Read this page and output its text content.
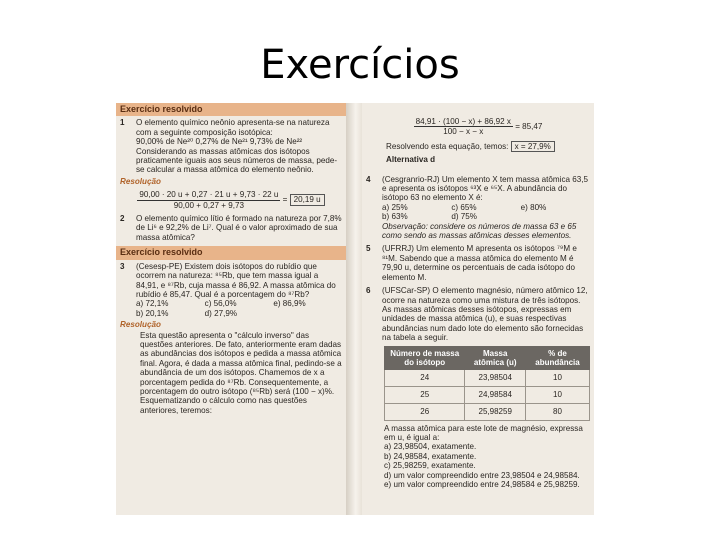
Exercícios
Exercício resolvido
1	O elemento químico neônio apresenta-se na natureza com a seguinte composição isotópica:
90,00% de Ne²⁰ 0,27% de Ne²¹ 9,73% de Ne²²
Considerando as massas atômicas dos isótopos praticamente iguais aos seus números de massa, pede-se calcular a massa atômica do elemento neônio.
Resolução
$\frac{90,00 \cdot 20 u + 0,27 \cdot 21 u + 9,73 \cdot 22 u}{90,00 + 0,27 + 9,73} = 20,19$ u
2	O elemento químico lítio é formado na natureza por 7,8% de Li⁶ e 92,2% de Li⁷. Qual é o valor aproximado de sua massa atômica?
Exercício resolvido
3	(Cesesp-PE) Existem dois isótopos do rubídio que ocorrem na natureza: ⁸⁵Rb, que tem massa igual a 84,91, e ⁸⁷Rb, cuja massa é 86,92. A massa atômica do rubídio é 85,47. Qual é a porcentagem do ⁸⁷Rb?
a) 72,1%	c) 56,0%	e) 86,9%
b) 20,1%	d) 27,9%
Resolução
Esta questão apresenta o "cálculo inverso" das questões anteriores. De fato, anteriormente eram dadas as abundâncias dos isótopos e pedida a massa atômica final. Agora, é dada a massa atômica final, pedindo-se a abundância de um dos isótopos. Chamemos de x a porcentagem pedida do ⁸⁷Rb. Consequentemente, a porcentagem do outro isótopo (⁸⁵Rb) será (100 − x)%. Esquematizando o cálculo como nas questões anteriores, teremos:
$\frac{84,91 \cdot (100 - x) + 86,92 x}{100 - x - x}$
= 85,47
Resolvendo esta equação, temos: x = 27,9%
Alternativa d
4	(Cesgranrio-RJ) Um elemento X tem massa atômica 63,5 e apresenta os isótopos ⁶³X e ⁶⁵X. A abundância do isótopo 63 no elemento X é:
a) 25%	c) 65%	e) 80%
b) 63%	d) 75%
Observação: considere os números de massa 63 e 65 como sendo as massas atômicas desses elementos.
5	(UFRRJ) Um elemento M apresenta os isótopos ⁷⁹M e ⁸¹M. Sabendo que a massa atômica do elemento M é 79,90 u, determine os percentuais de cada isótopo do elemento M.
6	(UFSCar-SP) O elemento magnésio, número atômico 12, ocorre na natureza como uma mistura de três isótopos. As massas atômicas desses isótopos, expressas em unidades de massa atômica (u), e suas respectivas abundâncias num dado lote do elemento são fornecidas na tabela a seguir.
Número de massa do isótopo	Massa atômica (u)	% de abundância
24	23,98504	10
25	24,98584	10
26	25,98259	80
A massa atômica para este lote de magnésio, expressa em u, é igual a:
a) 23,98504, exatamente.
b) 24,98584, exatamente.
c) 25,98259, exatamente.
d) um valor compreendido entre 23,98504 e 24,98584.
e) um valor compreendido entre 24,98584 e 25,98259.
